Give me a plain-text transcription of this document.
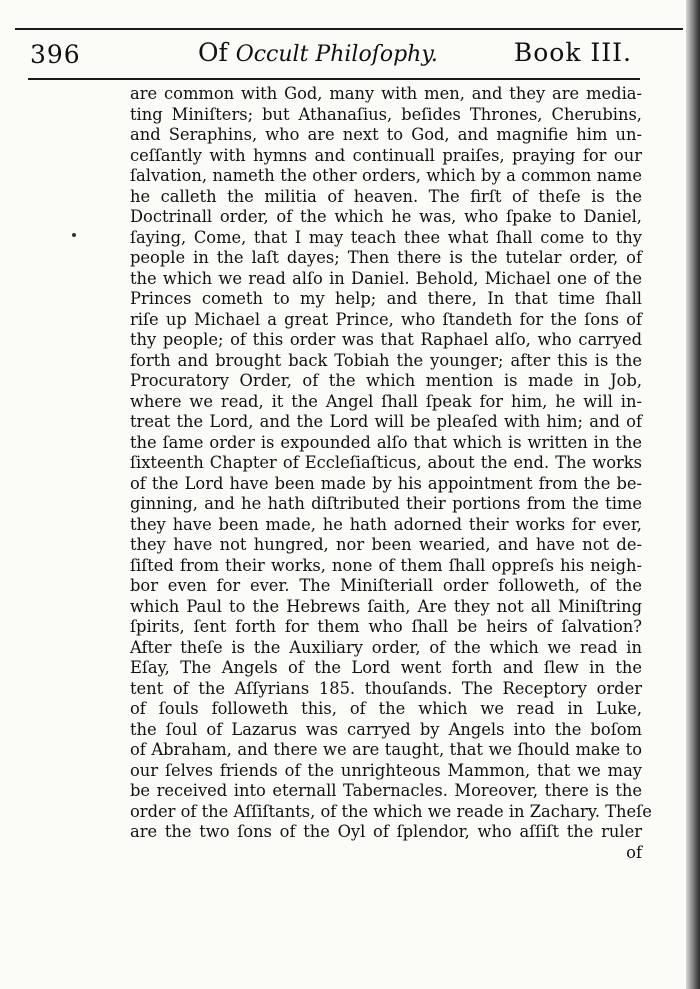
396	Of Occult Philoſophy.	Book III.
are common with God, many with men, and they are media-
ting Miniſters; but Athanaſius, beſides Thrones, Cherubins,
and Seraphins, who are next to God, and magnifie him un-
ceſſantly with hymns and continuall praiſes, praying for our
ſalvation, nameth the other orders, which by a common name
he calleth the militia of heaven. The firſt of theſe is the
Doctrinall order, of the which he was, who ſpake to Daniel,
ſaying, Come, that I may teach thee what ſhall come to thy
people in the laſt dayes; Then there is the tutelar order, of
the which we read alſo in Daniel. Behold, Michael one of the
Princes cometh to my help; and there, In that time ſhall
riſe up Michael a great Prince, who ſtandeth for the ſons of
thy people; of this order was that Raphael alſo, who carryed
forth and brought back Tobiah the younger; after this is the
Procuratory Order, of the which mention is made in Job,
where we read, it the Angel ſhall ſpeak for him, he will in-
treat the Lord, and the Lord will be pleaſed with him; and of
the ſame order is expounded alſo that which is written in the
ſixteenth Chapter of Eccleſiaſticus, about the end. The works
of the Lord have been made by his appointment from the be-
ginning, and he hath diſtributed their portions from the time
they have been made, he hath adorned their works for ever,
they have not hungred, nor been wearied, and have not de-
ſiſted from their works, none of them ſhall oppreſs his neigh-
bor even for ever. The Miniſteriall order followeth, of the
which Paul to the Hebrews ſaith, Are they not all Miniſtring
ſpirits, ſent forth for them who ſhall be heirs of ſalvation?
After theſe is the Auxiliary order, of the which we read in
Eſay, The Angels of the Lord went forth and ſlew in the
tent of the Aſſyrians 185. thouſands. The Receptory order
of ſouls followeth this, of the which we read in Luke,
the ſoul of Lazarus was carryed by Angels into the boſom
of Abraham, and there we are taught, that we ſhould make to
our ſelves friends of the unrighteous Mammon, that we may
be received into eternall Tabernacles. Moreover, there is the
order of the Aſſiſtants, of the which we reade in Zachary. Theſe
are the two ſons of the Oyl of ſplendor, who aſſiſt the ruler
of
